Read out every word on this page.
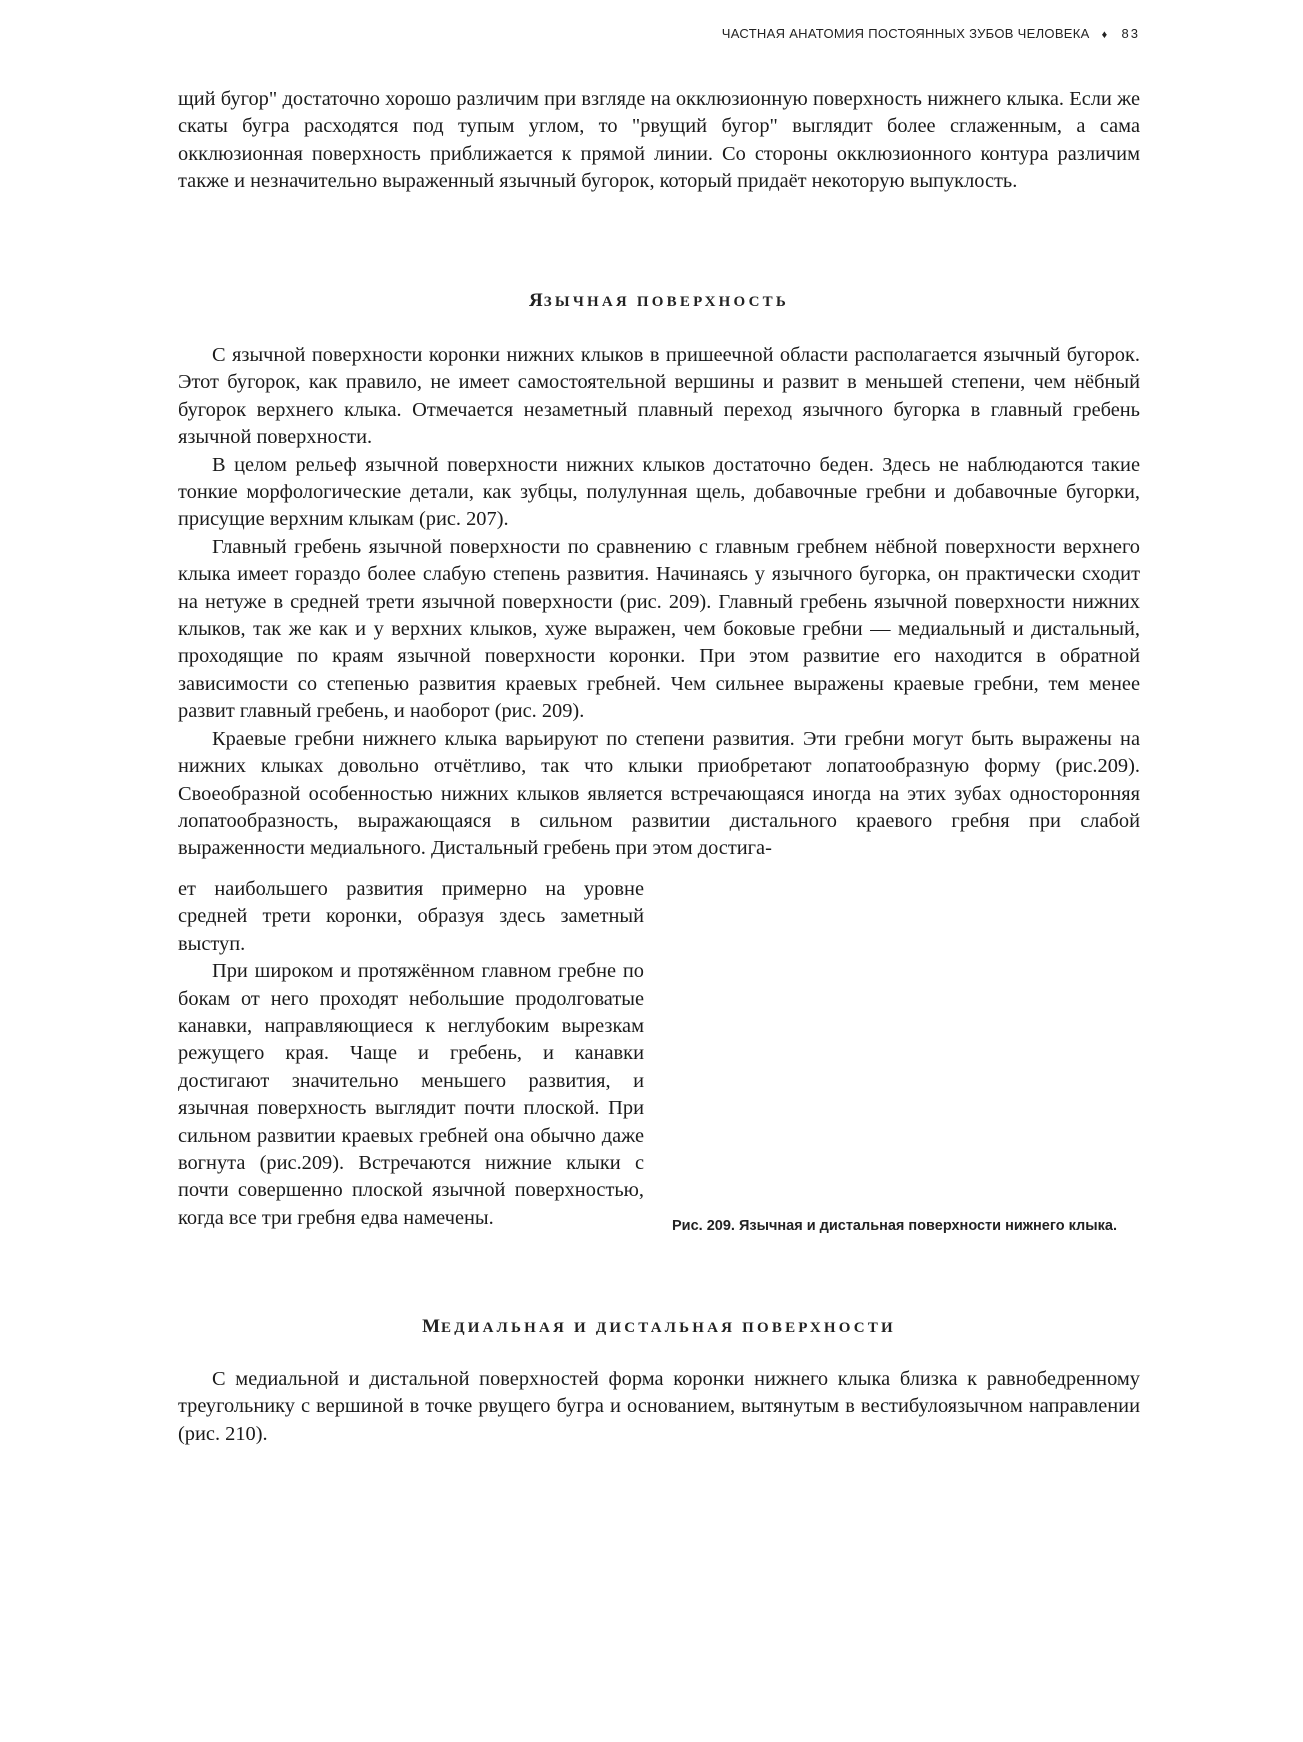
ЧАСТНАЯ АНАТОМИЯ ПОСТОЯННЫХ ЗУБОВ ЧЕЛОВЕКА ♦ 83

щий бугор" достаточно хорошо различим при взгляде на окклюзионную поверхность нижнего клыка. Если же скаты бугра расходятся под тупым углом, то "рвущий бугор" выглядит более сглаженным, а сама окклюзионная поверхность приближается к прямой линии. Со стороны окклюзионного контура различим также и незначительно выраженный язычный бугорок, который придаёт некоторую выпуклость.

ЯЗЫЧНАЯ ПОВЕРХНОСТЬ

С язычной поверхности коронки нижних клыков в пришеечной области располагается язычный бугорок. Этот бугорок, как правило, не имеет самостоятельной вершины и развит в меньшей степени, чем нёбный бугорок верхнего клыка. Отмечается незаметный плавный переход язычного бугорка в главный гребень язычной поверхности.

В целом рельеф язычной поверхности нижних клыков достаточно беден. Здесь не наблюдаются такие тонкие морфологические детали, как зубцы, полулунная щель, добавочные гребни и добавочные бугорки, присущие верхним клыкам (рис. 207).

Главный гребень язычной поверхности по сравнению с главным гребнем нёбной поверхности верхнего клыка имеет гораздо более слабую степень развития. Начинаясь у язычного бугорка, он практически сходит на нетуже в средней трети язычной поверхности (рис. 209). Главный гребень язычной поверхности нижних клыков, так же как и у верхних клыков, хуже выражен, чем боковые гребни — медиальный и дистальный, проходящие по краям язычной поверхности коронки. При этом развитие его находится в обратной зависимости со степенью развития краевых гребней. Чем сильнее выражены краевые гребни, тем менее развит главный гребень, и наоборот (рис. 209).

Краевые гребни нижнего клыка варьируют по степени развития. Эти гребни могут быть выражены на нижних клыках довольно отчётливо, так что клыки приобретают лопатообразную форму (рис.209). Своеобразной особенностью нижних клыков является встречающаяся иногда на этих зубах односторонняя лопатообразность, выражающаяся в сильном развитии дистального краевого гребня при слабой выраженности медиального. Дистальный гребень при этом достига-

ет наибольшего развития примерно на уровне средней трети коронки, образуя здесь заметный выступ.

При широком и протяжённом главном гребне по бокам от него проходят небольшие продолговатые канавки, направляющиеся к неглубоким вырезкам режущего края. Чаще и гребень, и канавки достигают значительно меньшего развития, и язычная поверхность выглядит почти плоской. При сильном развитии краевых гребней она обычно даже вогнута (рис.209). Встречаются нижние клыки с почти совершенно плоской язычной поверхностью, когда все три гребня едва намечены.	Рис. 209. Язычная и дистальная поверхности нижнего клыка.
МЕДИАЛЬНАЯ И ДИСТАЛЬНАЯ ПОВЕРХНОСТИ

С медиальной и дистальной поверхностей форма коронки нижнего клыка близка к равнобедренному треугольнику с вершиной в точке рвущего бугра и основанием, вытянутым в вестибулоязычном направлении (рис. 210).
